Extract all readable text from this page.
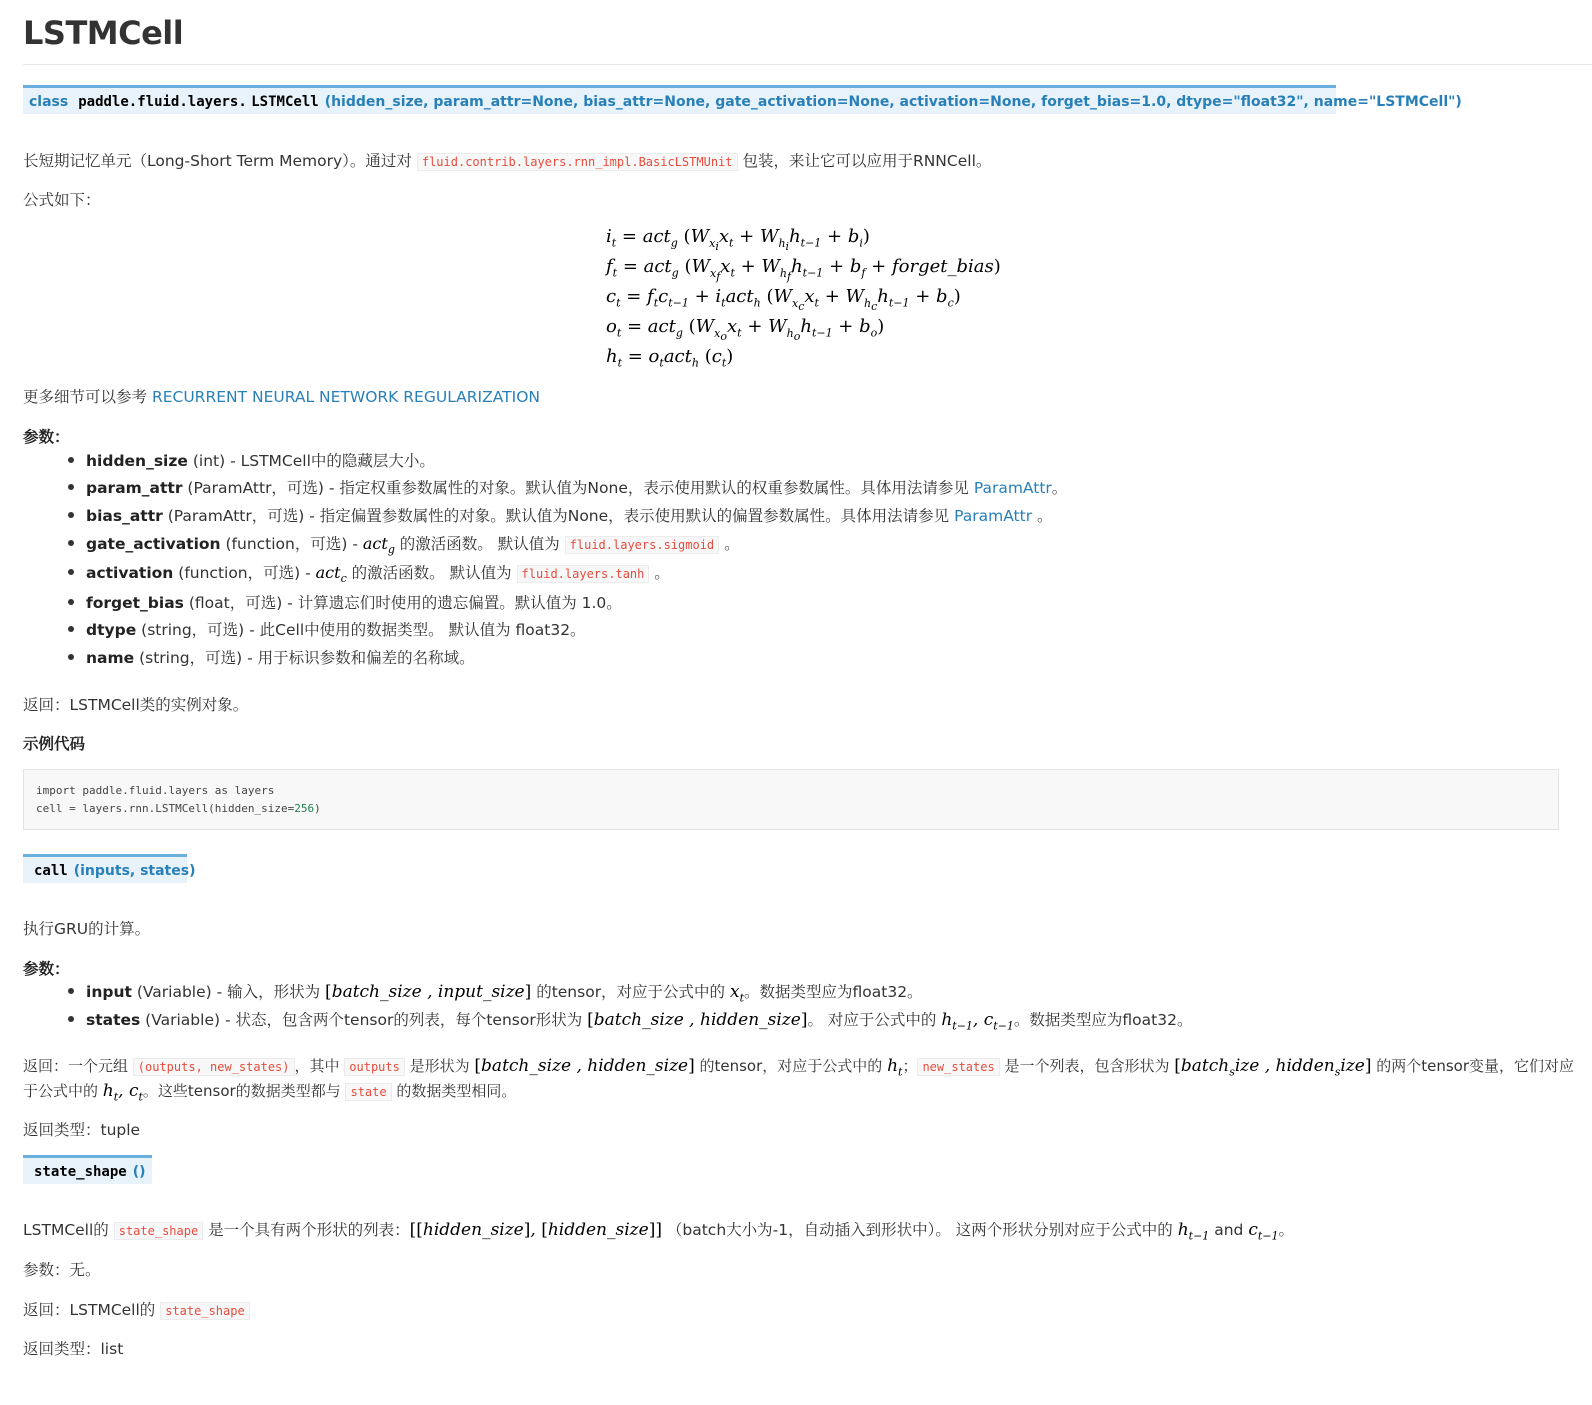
LSTMCell
class paddle.fluid.layers. LSTMCell (hidden_size, param_attr=None, bias_attr=None, gate_activation=None, activation=None, forget_bias=1.0, dtype="float32", name="LSTMCell")
长短期记忆单元（Long-Short Term Memory）。通过对 fluid.contrib.layers.rnn_impl.BasicLSTMUnit 包装，来让它可以应用于RNNCell。
公式如下：
$i_t = act_g$ $(W_{x_i}x_t + W_{h_i}h_{t-1} + b_i)$
$f_t = act_g$ ($W_{x_f}x_t + W_{h_f}h_{t-1} + b_f$ + forget_bias)
$c_t = f_tc_{t-1} + i_tact_h$ $(W_{x_c}x_t + W_{h_c}h_{t-1} + b_c)$
$o_t = act_g$ $(W_{x_o}x_t + W_{h_o}h_{t-1} + b_o)$
$h_t = o_tact_h$ $(c_t)$
更多细节可以参考 RECURRENT NEURAL NETWORK REGULARIZATION
参数：
hidden_size (int) - LSTMCell中的隐藏层大小。
param_attr (ParamAttr，可选) - 指定权重参数属性的对象。默认值为None，表示使用默认的权重参数属性。具体用法请参见 ParamAttr。
bias_attr (ParamAttr，可选) - 指定偏置参数属性的对象。默认值为None，表示使用默认的偏置参数属性。具体用法请参见 ParamAttr 。
gate_activation (function，可选) - act$_g$ 的激活函数。 默认值为 fluid.layers.sigmoid 。
activation (function，可选) - act$_c$ 的激活函数。 默认值为 fluid.layers.tanh 。
forget_bias (float，可选) - 计算遗忘们时使用的遗忘偏置。默认值为 1.0。
dtype (string，可选) - 此Cell中使用的数据类型。 默认值为 float32。
name (string，可选) - 用于标识参数和偏差的名称域。
返回：LSTMCell类的实例对象。
示例代码
import paddle.fluid.layers as layers
cell = layers.rnn.LSTMCell(hidden_size=256)
call (inputs, states)
执行GRU的计算。
参数：
input (Variable) - 输入，形状为 [batch_size , input_size] 的tensor，对应于公式中的 $x_t$。数据类型应为float32。
states (Variable) - 状态，包含两个tensor的列表，每个tensor形状为 [batch_size , hidden_size]。 对应于公式中的 $h_{t-1}$, $c_{t-1}$。数据类型应为float32。
返回：一个元组 (outputs, new_states) ，其中 outputs 是形状为 [batch_size , hidden_size] 的tensor，对应于公式中的 $h_t$； new_states 是一个列表，包含形状为 [batch$_s$ize , hidden$_s$ize] 的两个tensor变量，它们对应
于公式中的 $h_t$, $c_t$。这些tensor的数据类型都与 state 的数据类型相同。
返回类型：tuple
state_shape ()
LSTMCell的 state_shape 是一个具有两个形状的列表：[[hidden_size], [hidden_size]] （batch大小为-1，自动插入到形状中）。 这两个形状分别对应于公式中的 $h_{t-1}$ and $c_{t-1}$。
参数：无。
返回：LSTMCell的 state_shape
返回类型：list
